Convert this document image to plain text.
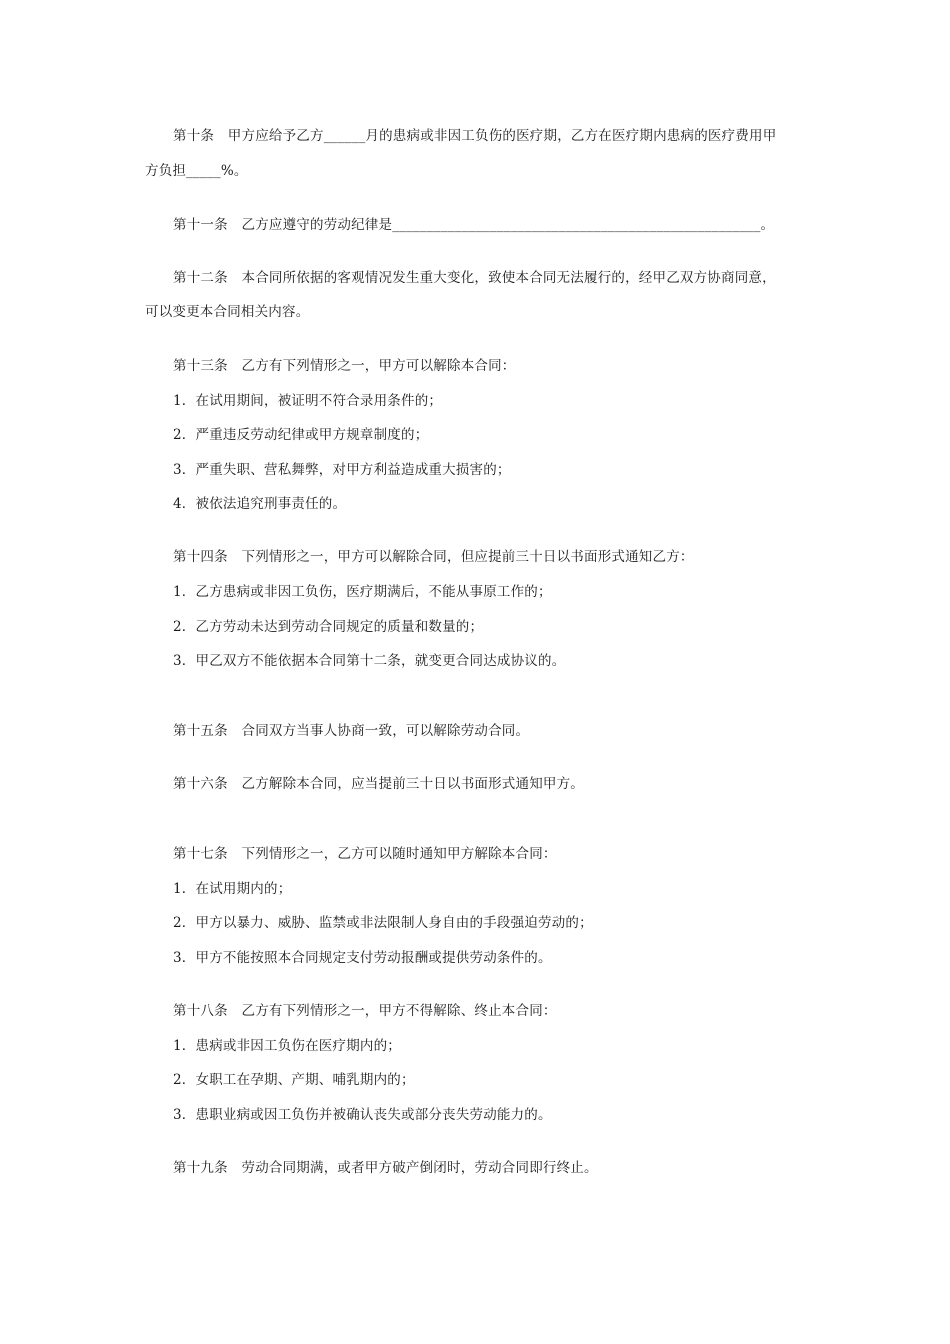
第十条　甲方应给予乙方______月的患病或非因工负伤的医疗期，乙方在医疗期内患病的医疗费用甲
方负担_____%。
第十一条　乙方应遵守的劳动纪律是_____________________________________________________。
第十二条　本合同所依据的客观情况发生重大变化，致使本合同无法履行的，经甲乙双方协商同意，
可以变更本合同相关内容。
第十三条　乙方有下列情形之一，甲方可以解除本合同：
1．在试用期间，被证明不符合录用条件的；
2．严重违反劳动纪律或甲方规章制度的；
3．严重失职、营私舞弊，对甲方利益造成重大损害的；
4．被依法追究刑事责任的。
第十四条　下列情形之一，甲方可以解除合同，但应提前三十日以书面形式通知乙方：
1．乙方患病或非因工负伤，医疗期满后，不能从事原工作的；
2．乙方劳动未达到劳动合同规定的质量和数量的；
3．甲乙双方不能依据本合同第十二条，就变更合同达成协议的。
第十五条　合同双方当事人协商一致，可以解除劳动合同。
第十六条　乙方解除本合同，应当提前三十日以书面形式通知甲方。
第十七条　下列情形之一，乙方可以随时通知甲方解除本合同：
1．在试用期内的；
2．甲方以暴力、威胁、监禁或非法限制人身自由的手段强迫劳动的；
3．甲方不能按照本合同规定支付劳动报酬或提供劳动条件的。
第十八条　乙方有下列情形之一，甲方不得解除、终止本合同：
1．患病或非因工负伤在医疗期内的；
2．女职工在孕期、产期、哺乳期内的；
3．患职业病或因工负伤并被确认丧失或部分丧失劳动能力的。
第十九条　劳动合同期满，或者甲方破产倒闭时，劳动合同即行终止。
